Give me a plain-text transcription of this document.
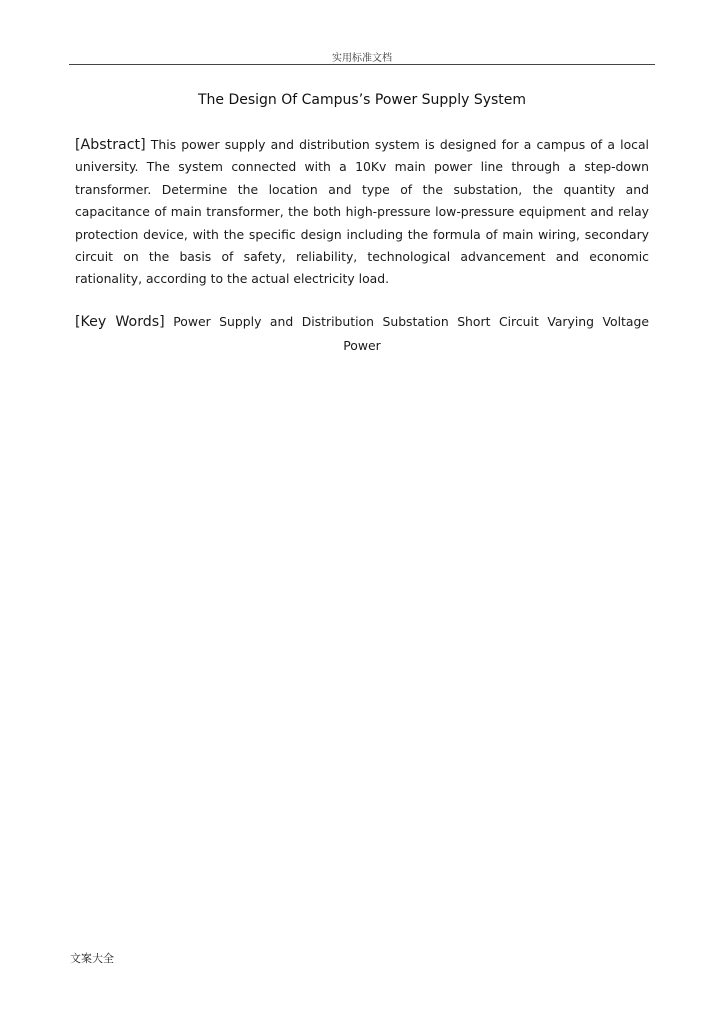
实用标准文档
The Design Of Campus’s Power Supply System
[Abstract] This power supply and distribution system is designed for a campus of a local university. The system connected with a 10Kv main power line through a step-down transformer. Determine the location and type of the substation, the quantity and capacitance of main transformer, the both high-pressure low-pressure equipment and relay protection device, with the specific design including the formula of main wiring, secondary circuit on the basis of safety, reliability, technological advancement and economic rationality, according to the actual electricity load.
[Key Words] Power Supply and Distribution Substation Short Circuit Varying Voltage
Power
文案大全
